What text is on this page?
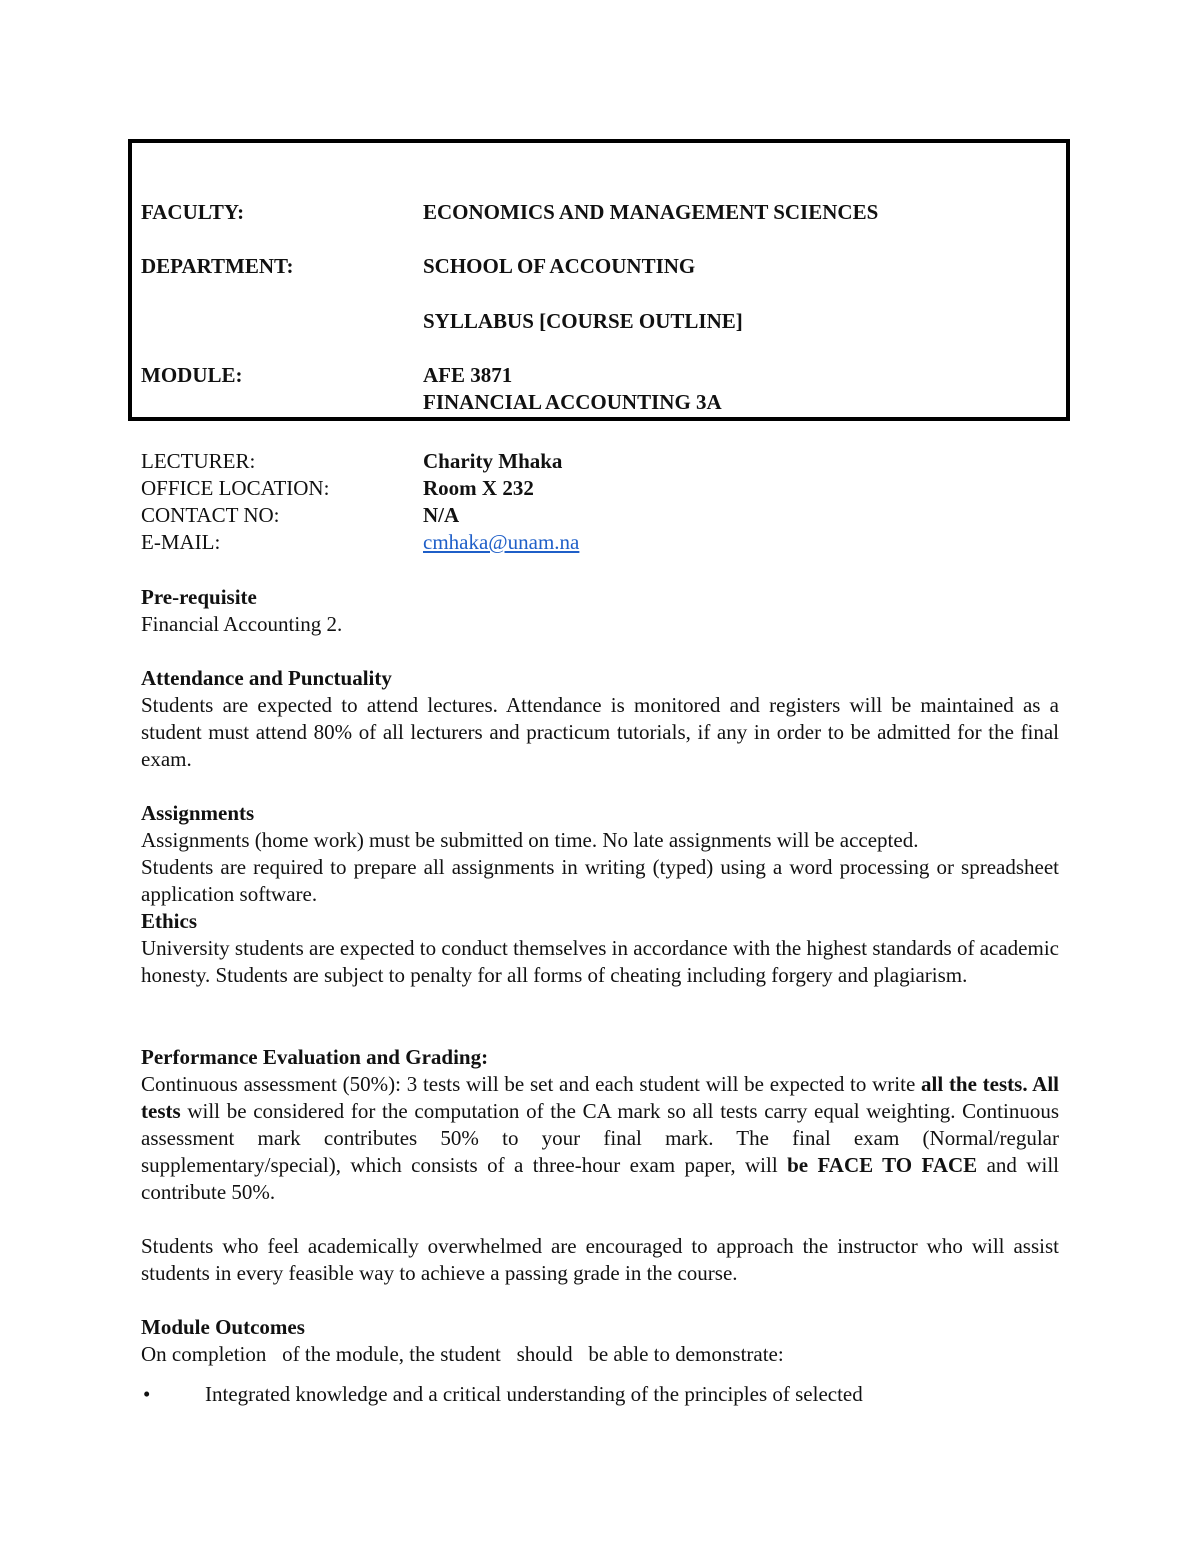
FACULTY:	ECONOMICS AND MANAGEMENT SCIENCES
DEPARTMENT:	SCHOOL OF ACCOUNTING
SYLLABUS [COURSE OUTLINE]
MODULE:	AFE 3871
FINANCIAL ACCOUNTING 3A
LECTURER:	Charity Mhaka
OFFICE LOCATION:	Room X 232
CONTACT NO:	N/A
E-MAIL:	cmhaka@unam.na
Pre-requisite
Financial Accounting 2.
Attendance and Punctuality
Students are expected to attend lectures. Attendance is monitored and registers will be maintained as a student must attend 80% of all lecturers and practicum tutorials, if any in order to be admitted for the final exam.
Assignments
Assignments (home work) must be submitted on time. No late assignments will be accepted.
Students are required to prepare all assignments in writing (typed) using a word processing or spreadsheet application software.
Ethics
University students are expected to conduct themselves in accordance with the highest standards of academic honesty. Students are subject to penalty for all forms of cheating including forgery and plagiarism.
Performance Evaluation and Grading:
Continuous assessment (50%): 3 tests will be set and each student will be expected to write all the tests. All tests will be considered for the computation of the CA mark so all tests carry equal weighting. Continuous assessment mark contributes 50% to your final mark. The final exam (Normal/regular supplementary/special), which consists of a three-hour exam paper, will be FACE TO FACE and will contribute 50%.
Students who feel academically overwhelmed are encouraged to approach the instructor who will assist students in every feasible way to achieve a passing grade in the course.
Module Outcomes
On completion   of the module, the student   should   be able to demonstrate:
•	Integrated knowledge and a critical understanding of the principles of selected
